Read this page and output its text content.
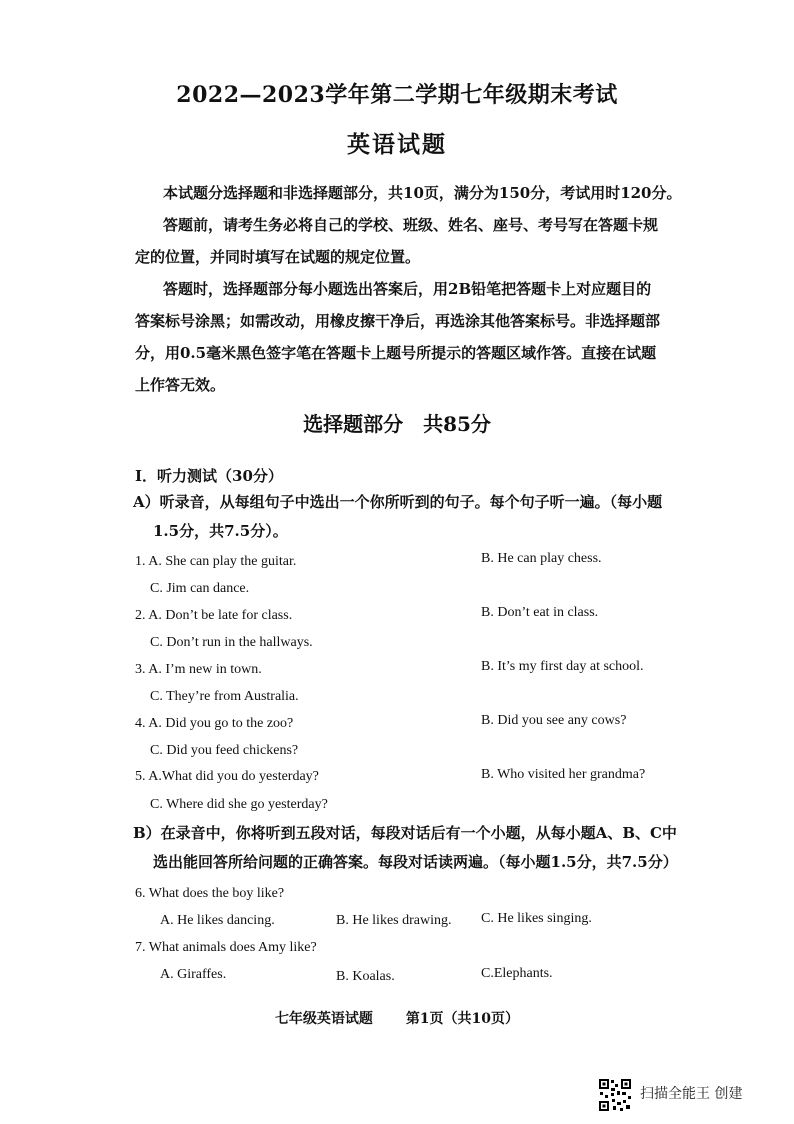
2022—2023学年第二学期七年级期末考试
英语试题
本试题分选择题和非选择题部分，共10页，满分为150分，考试用时120分。
答题前，请考生务必将自己的学校、班级、姓名、座号、考号写在答题卡规
定的位置，并同时填写在试题的规定位置。
答题时，选择题部分每小题选出答案后，用2B铅笔把答题卡上对应题目的
答案标号涂黑；如需改动，用橡皮擦干净后，再选涂其他答案标号。非选择题部
分，用0.5毫米黑色签字笔在答题卡上题号所提示的答题区域作答。直接在试题
上作答无效。
选择题部分　共85分
Ⅰ．听力测试（30分）
A）听录音，从每组句子中选出一个你所听到的句子。每个句子听一遍。（每小题
1.5分，共7.5分）。
1. A. She can play the guitar.	B. He can play chess.
C. Jim can dance.
2. A. Don’t be late for class.	B. Don’t eat in class.
C. Don’t run in the hallways.
3. A. I’m new in town.	B. It’s my first day at school.
C. They’re from Australia.
4. A. Did you go to the zoo?	B. Did you see any cows?
C. Did you feed chickens?
5. A.What did you do yesterday?	B. Who visited her grandma?
C. Where did she go yesterday?
B）在录音中，你将听到五段对话，每段对话后有一个小题，从每小题A、B、C中
选出能回答所给问题的正确答案。每段对话读两遍。（每小题1.5分，共7.5分）
6. What does the boy like?
A. He likes dancing.	B. He likes drawing. C. He likes singing.
7. What animals does Amy like?
A. Giraffes.	B. Koalas.	C.Elephants.
七年级英语试题 第1页（共10页）
扫描全能王 创建
